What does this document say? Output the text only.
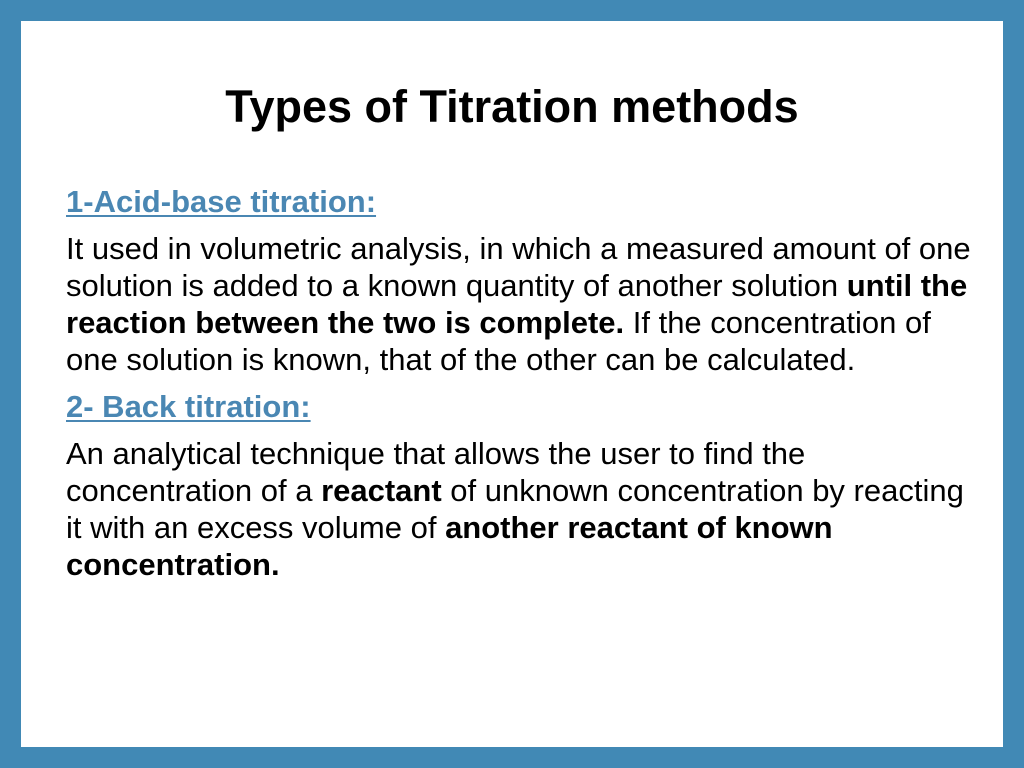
Types of Titration methods
1-Acid-base titration:

It used in volumetric analysis, in which a measured amount of one solution is added to a known quantity of another solution until the reaction between the two is complete. If the concentration of one solution is known, that of the other can be calculated.

2- Back titration:

An analytical technique that allows the user to find the concentration of a reactant of unknown concentration by reacting it with an excess volume of another reactant of known concentration.
